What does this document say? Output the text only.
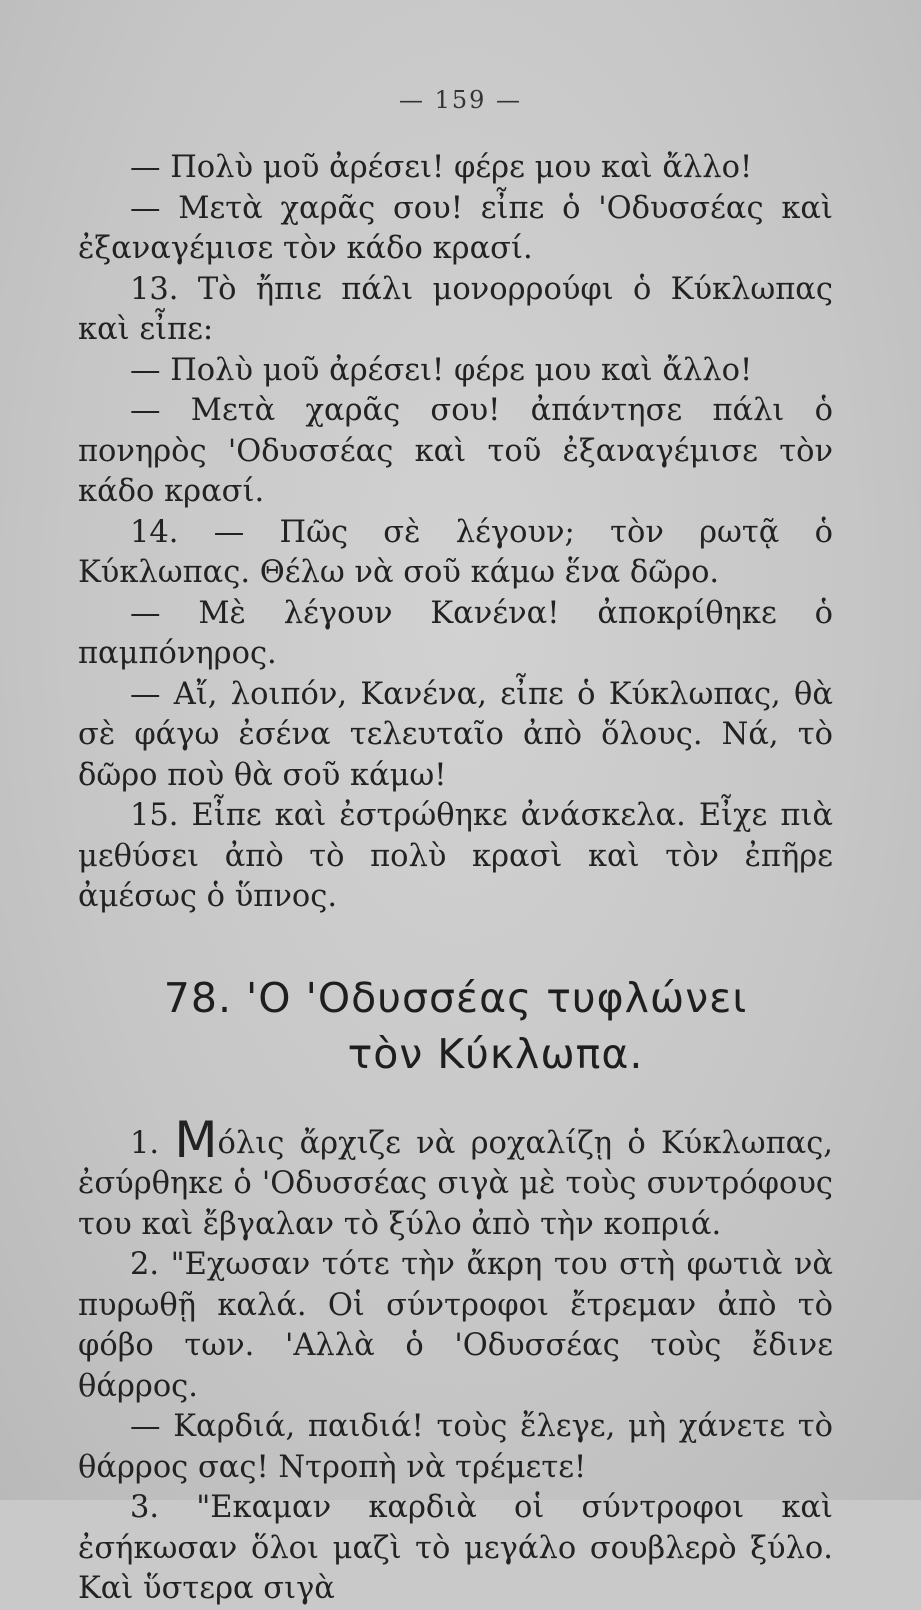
— 159 —

— Πολὺ μοῦ ἀρέσει! φέρε μου καὶ ἄλλο!

— Μετὰ χαρᾶς σου! εἶπε ὁ 'Οδυσσέας καὶ ἐξαναγέμισε τὸν κάδο κρασί.

13. Τὸ ἤπιε πάλι μονορρούφι ὁ Κύκλωπας καὶ εἶπε:

— Πολὺ μοῦ ἀρέσει! φέρε μου καὶ ἄλλο!

— Μετὰ χαρᾶς σου! ἀπάντησε πάλι ὁ πονηρὸς 'Οδυσσέας καὶ τοῦ ἐξαναγέμισε τὸν κάδο κρασί.

14. — Πῶς σὲ λέγουν; τὸν ρωτᾷ ὁ Κύκλωπας. Θέλω νὰ σοῦ κάμω ἕνα δῶρο.

— Μὲ λέγουν Κανένα! ἀποκρίθηκε ὁ παμπόνηρος.

— Αἴ, λοιπόν, Κανένα, εἶπε ὁ Κύκλωπας, θὰ σὲ φάγω ἐσένα τελευταῖο ἀπὸ ὅλους. Νά, τὸ δῶρο ποὺ θὰ σοῦ κάμω!

15. Εἶπε καὶ ἐστρώθηκε ἀνάσκελα. Εἶχε πιὰ μεθύσει ἀπὸ τὸ πολὺ κρασὶ καὶ τὸν ἐπῆρε ἀμέσως ὁ ὕπνος.

78. 'Ο 'Οδυσσέας τυφλώνει
τὸν Κύκλωπα.

1. Μόλις ἄρχιζε νὰ ροχαλίζῃ ὁ Κύκλωπας, ἐσύρθηκε ὁ 'Οδυσσέας σιγὰ μὲ τοὺς συντρόφους του καὶ ἔβγαλαν τὸ ξύλο ἀπὸ τὴν κοπριά.

2. "Εχωσαν τότε τὴν ἄκρη του στὴ φωτιὰ νὰ πυρωθῇ καλά. Οἱ σύντροφοι ἔτρεμαν ἀπὸ τὸ φόβο των. 'Αλλὰ ὁ 'Οδυσσέας τοὺς ἔδινε θάρρος.

— Καρδιά, παιδιά! τοὺς ἔλεγε, μὴ χάνετε τὸ θάρρος σας! Ντροπὴ νὰ τρέμετε!

3. "Εκαμαν καρδιὰ οἱ σύντροφοι καὶ ἐσήκωσαν ὅλοι μαζὶ τὸ μεγάλο σουβλερὸ ξύλο. Καὶ ὕστερα σιγὰ
